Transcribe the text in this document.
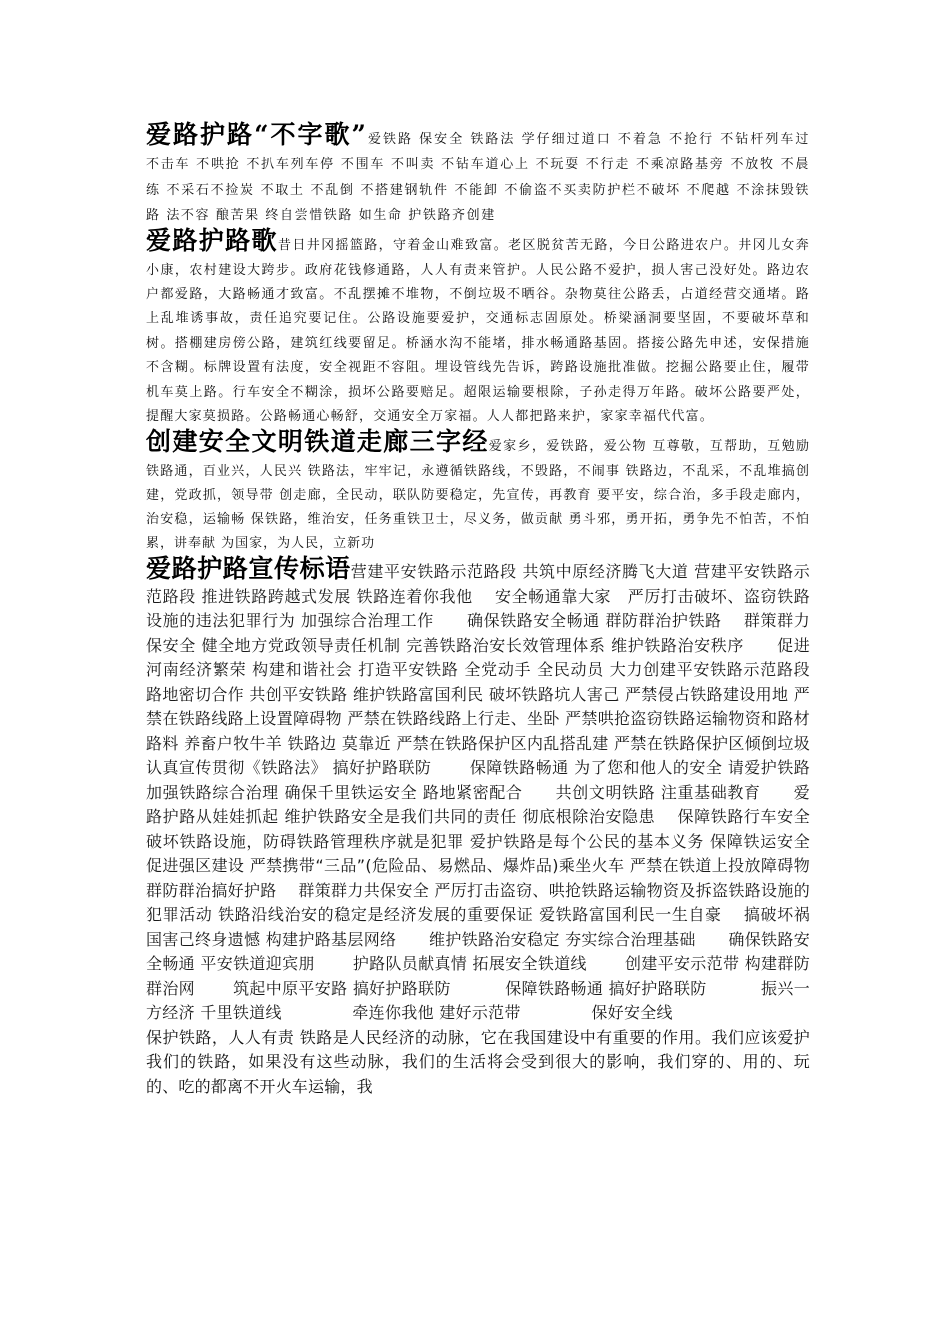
爱路护路“不字歌”爱铁路 保安全 铁路法 学仔细过道口 不着急 不抢行 不钻杆列车过 不击车 不哄抢 不扒车列车停 不围车 不叫卖 不钻车道心上 不玩耍 不行走 不乘凉路基旁 不放牧 不晨练 不采石不捡炭 不取土 不乱倒 不搭建钢轨件 不能卸 不偷盗不买卖防护栏不破坏 不爬越 不涂抹毁铁路 法不容 酿苦果 终自尝惜铁路 如生命 护铁路齐创建

爱路护路歌昔日井冈摇篮路，守着金山难致富。老区脱贫苦无路，今日公路进农户。井冈儿女奔小康，农村建设大跨步。政府花钱修通路，人人有责来管护。人民公路不爱护，损人害己没好处。路边农户都爱路，大路畅通才致富。不乱摆摊不堆物，不倒垃圾不晒谷。杂物莫往公路丢，占道经营交通堵。路上乱堆诱事故，责任追究要记住。公路设施要爱护，交通标志固原处。桥梁涵洞要坚固，不要破坏草和树。搭棚建房傍公路，建筑红线要留足。桥涵水沟不能堵，排水畅通路基固。搭接公路先申述，安保措施不含糊。标牌设置有法度，安全视距不容阻。埋设管线先告诉，跨路设施批准做。挖掘公路要止住，履带机车莫上路。行车安全不糊涂，损坏公路要赔足。超限运输要根除，子孙走得万年路。破坏公路要严处，提醒大家莫损路。公路畅通心畅舒，交通安全万家福。人人都把路来护，家家幸福代代富。

创建安全文明铁道走廊三字经爱家乡，爱铁路，爱公物 互尊敬，互帮助，互勉励铁路通，百业兴，人民兴 铁路法，牢牢记，永遵循铁路线，不毁路，不闹事 铁路边，不乱采，不乱堆搞创建，党政抓，领导带 创走廊，全民动，联队防要稳定，先宣传，再教育 要平安，综合治，多手段走廊内，治安稳，运输畅 保铁路，维治安，任务重铁卫士，尽义务，做贡献 勇斗邪，勇开拓，勇争先不怕苦，不怕累，讲奉献 为国家，为人民，立新功

爱路护路宣传标语营建平安铁路示范路段 共筑中原经济腾飞大道 营建平安铁路示范路段 推进铁路跨越式发展 铁路连着你我他　 安全畅通靠大家　严厉打击破坏、盗窃铁路设施的违法犯罪行为 加强综合治理工作　　确保铁路安全畅通 群防群治护铁路　 群策群力保安全 健全地方党政领导责任机制 完善铁路治安长效管理体系 维护铁路治安秩序　　促进河南经济繁荣 构建和谐社会 打造平安铁路 全党动手 全民动员 大力创建平安铁路示范路段 路地密切合作 共创平安铁路 维护铁路富国利民 破坏铁路坑人害己 严禁侵占铁路建设用地 严禁在铁路线路上设置障碍物 严禁在铁路线路上行走、坐卧 严禁哄抢盗窃铁路运输物资和路材路料 养畜户牧牛羊 铁路边 莫靠近 严禁在铁路保护区内乱搭乱建 严禁在铁路保护区倾倒垃圾 认真宣传贯彻《铁路法》 搞好护路联防　　 保障铁路畅通 为了您和他人的安全 请爱护铁路 加强铁路综合治理 确保千里铁运安全 路地紧密配合　　共创文明铁路 注重基础教育　　爱路护路从娃娃抓起 维护铁路安全是我们共同的责任 彻底根除治安隐患　 保障铁路行车安全 破坏铁路设施，防碍铁路管理秩序就是犯罪 爱护铁路是每个公民的基本义务 保障铁运安全　 促进强区建设 严禁携带“三品”(危险品、易燃品、爆炸品)乘坐火车 严禁在铁道上投放障碍物 群防群治搞好护路　 群策群力共保安全 严厉打击盗窃、哄抢铁路运输物资及拆盗铁路设施的犯罪活动 铁路沿线治安的稳定是经济发展的重要保证 爱铁路富国利民一生自豪　 搞破坏祸国害己终身遗憾 构建护路基层网络　　维护铁路治安稳定 夯实综合治理基础　　确保铁路安全畅通 平安铁道迎宾朋　　 护路队员献真情 拓展安全铁道线　　 创建平安示范带 构建群防群治网　　 筑起中原平安路 搞好护路联防　　　 保障铁路畅通 搞好护路联防　　　 振兴一方经济 千里铁道线　　　　 牵连你我他 建好示范带　　　　 保好安全线

保护铁路，人人有责 铁路是人民经济的动脉，它在我国建设中有重要的作用。我们应该爱护我们的铁路，如果没有这些动脉，我们的生活将会受到很大的影响，我们穿的、用的、玩的、吃的都离不开火车运输，我
